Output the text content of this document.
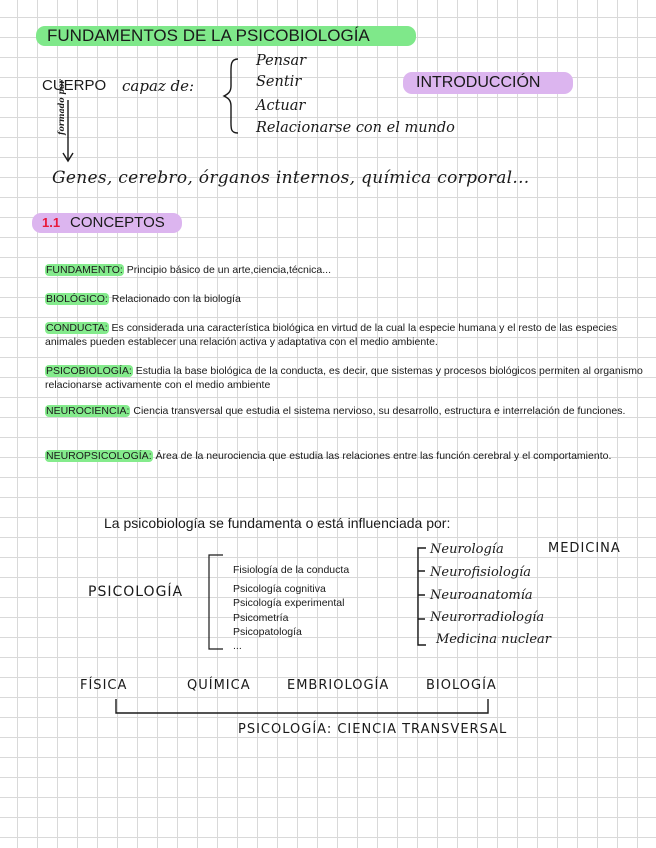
FUNDAMENTOS DE LA PSICOBIOLOGÍA
INTRODUCCIÓN
CUERPO capaz de:
Pensar
Sentir
Actuar
Relacionarse con el mundo
formado por
Genes, cerebro, órganos internos, química corporal...
1.1 CONCEPTOS
FUNDAMENTO: Principio básico de un arte,ciencia,técnica...
BIOLÓGICO: Relacionado con la biología
CONDUCTA: Es considerada una característica biológica en virtud de la cual la especie humana y el resto de las especies animales pueden establecer una relación activa y adaptativa con el medio ambiente.
PSICOBIOLOGÍA: Estudia la base biológica de la conducta, es decir, que sistemas y procesos biológicos permiten al organismo relacionarse activamente con el medio ambiente
NEUROCIENCIA: Ciencia transversal que estudia el sistema nervioso, su desarrollo, estructura e interrelación de funciones.
NEUROPSICOLOGÍA: Área de la neurociencia que estudia las relaciones entre las función cerebral y el comportamiento.
La psicobiología se fundamenta o está influenciada por:
PSICOLOGÍA
Fisiología de la conducta
Psicología cognitiva
Psicología experimental
Psicometría
Psicopatología
...
MEDICINA
Neurología
Neurofisiología
Neuroanatomía
Neurorradiología
Medicina nuclear
FÍSICA	QUÍMICA	EMBRIOLOGÍA	BIOLOGÍA
PSICOLOGÍA: CIENCIA TRANSVERSAL
